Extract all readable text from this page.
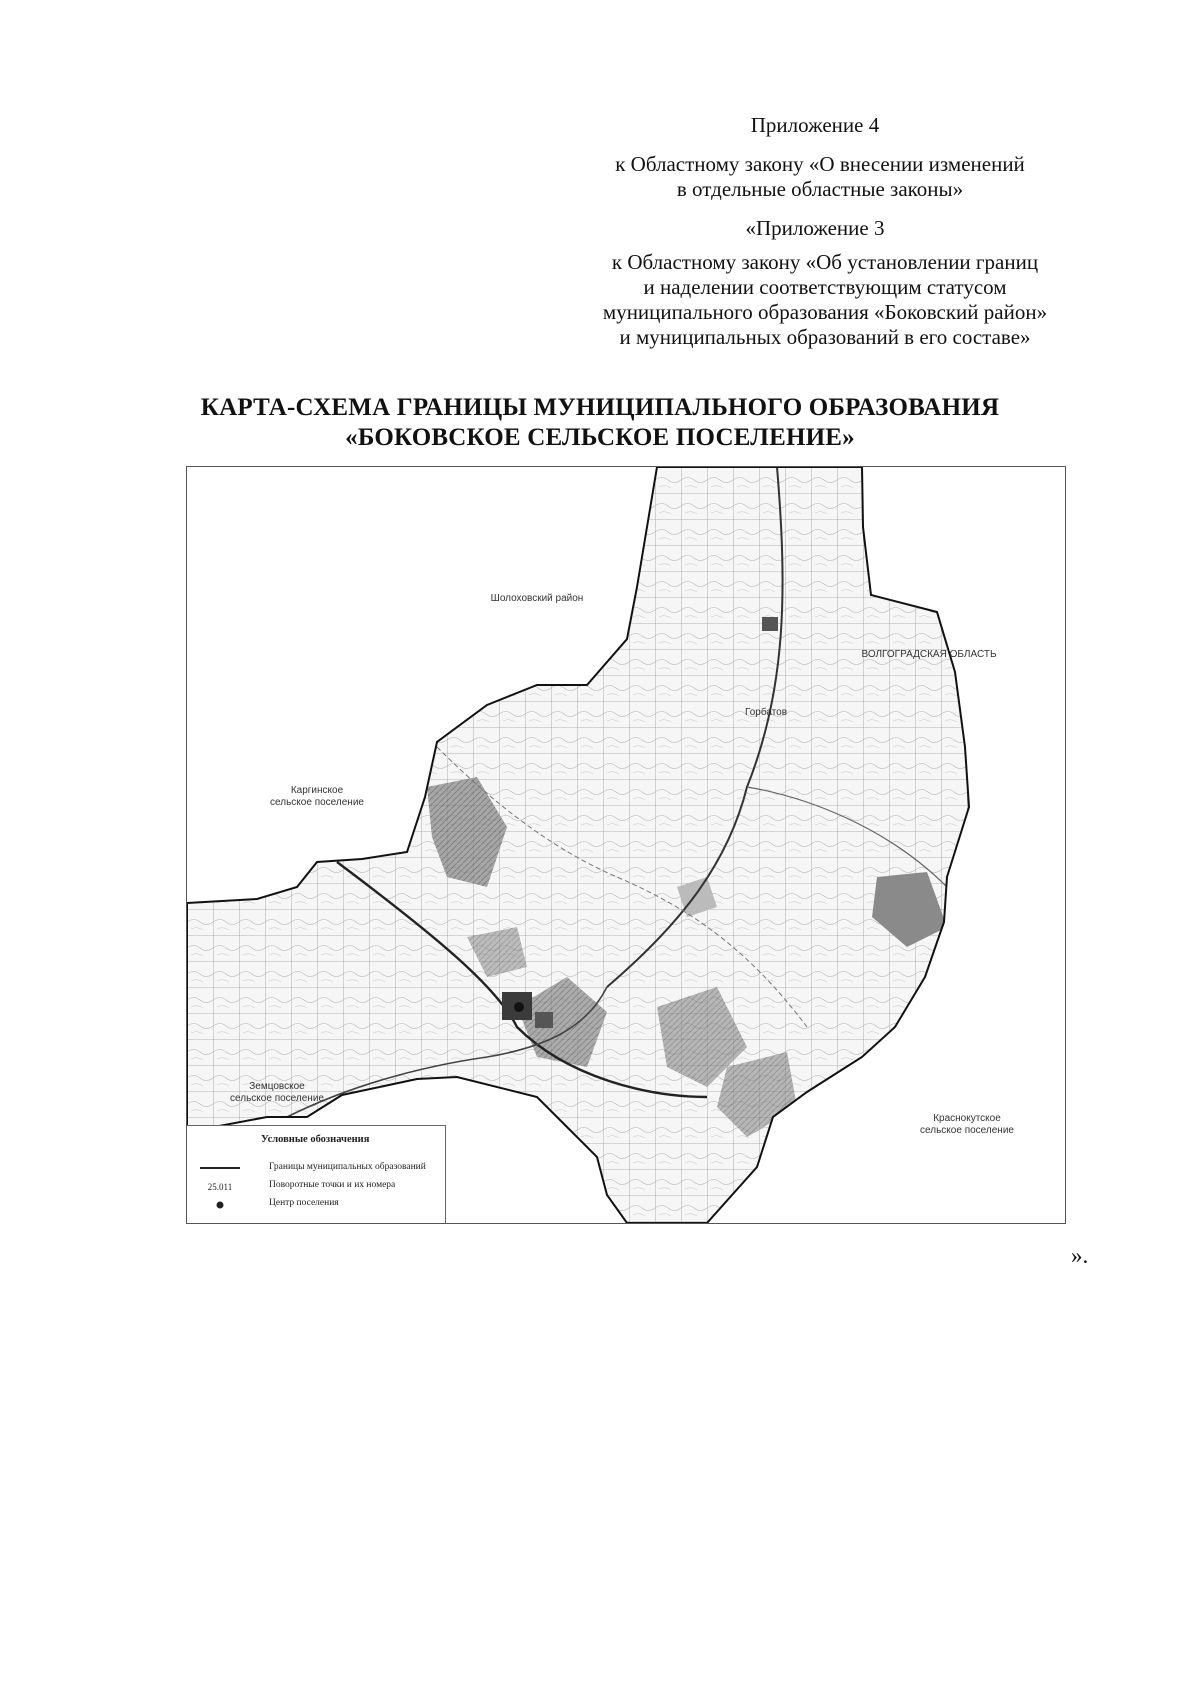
Приложение 4
к Областному закону «О внесении изменений
в отдельные областные законы»
«Приложение 3
к Областному закону «Об установлении границ
и наделении соответствующим статусом
муниципального образования «Боковский район»
и муниципальных образований в его составе»
КАРТА-СХЕМА ГРАНИЦЫ МУНИЦИПАЛЬНОГО ОБРАЗОВАНИЯ
«БОКОВСКОЕ СЕЛЬСКОЕ ПОСЕЛЕНИЕ»
Шолоховский район
ВОЛГОГРАДСКАЯ ОБЛАСТЬ
Горбатов
Каргинское
сельское поселение
Земцовское
сельское поселение
Краснокутское
сельское поселение
Условные обозначения
Границы муниципальных образований
25.011	Поворотные точки и их номера
Центр поселения
».
